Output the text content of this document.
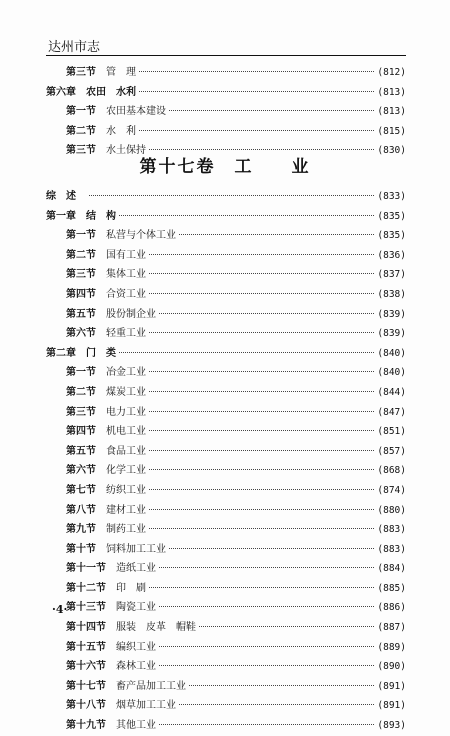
达州市志
第三节 管　理	(812)
第六章 农田　水利	(813)
第一节 农田基本建设	(813)
第二节 水　利	(815)
第三节 水土保持	(830)
第十七卷　工　　业
综　述	(833)
第一章 结　构	(835)
第一节 私营与个体工业	(835)
第二节 国有工业	(836)
第三节 集体工业	(837)
第四节 合资工业	(838)
第五节 股份制企业	(839)
第六节 轻重工业	(839)
第二章 门　类	(840)
第一节 冶金工业	(840)
第二节 煤炭工业	(844)
第三节 电力工业	(847)
第四节 机电工业	(851)
第五节 食品工业	(857)
第六节 化学工业	(868)
第七节 纺织工业	(874)
第八节 建材工业	(880)
第九节 制药工业	(883)
第十节 饲料加工工业	(883)
第十一节 造纸工业	(884)
第十二节 印　刷	(885)
第十三节 陶瓷工业	(886)
第十四节 服装　皮革　帽鞋	(887)
第十五节 编织工业	(889)
第十六节 森林工业	(890)
第十七节 畜产品加工工业	(891)
第十八节 烟草加工工业	(891)
第十九节 其他工业	(893)
·4·
